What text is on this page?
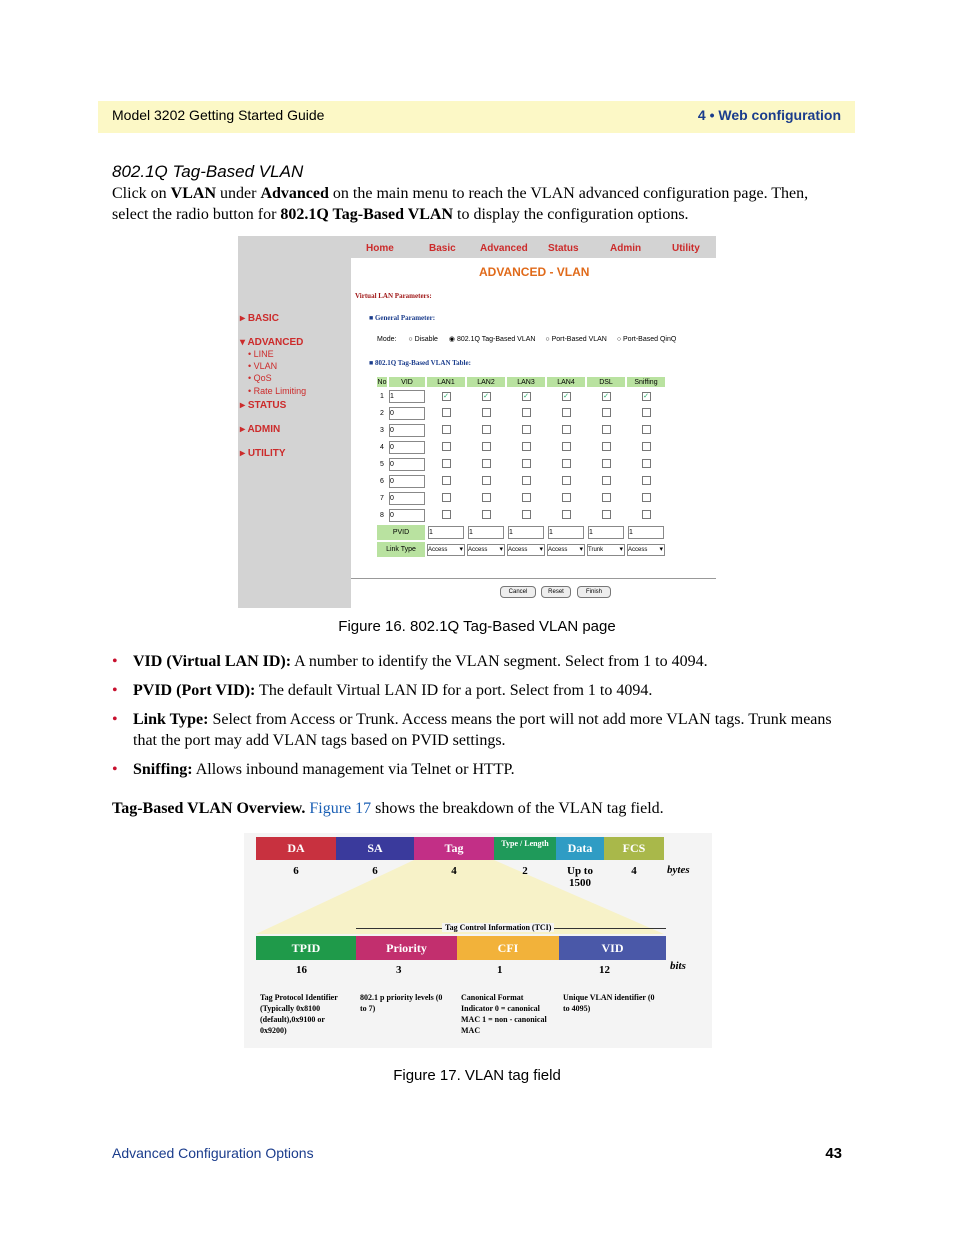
Model 3202 Getting Started Guide	4 • Web configuration
802.1Q Tag-Based VLAN
Click on VLAN under Advanced on the main menu to reach the VLAN advanced configuration page. Then, select the radio button for 802.1Q Tag-Based VLAN to display the configuration options.
▸ BASIC
▾ ADVANCED
• LINE
• VLAN
• QoS
• Rate Limiting
▸ STATUS
▸ ADMIN
▸ UTILITY
Home	Basic Advanced Status	Admin	Utility
ADVANCED - VLAN
Virtual LAN Parameters:
■ General Parameter:
Mode: ○ Disable ◉ 802.1Q Tag-Based VLAN ○ Port-Based VLAN ○ Port-Based QinQ
■ 802.1Q Tag-Based VLAN Table:
No	VID	LAN1	LAN2	LAN3	LAN4	DSL	Sniffing
1	1	✓	✓	✓	✓	✓	✓
2	0						
3	0						
4	0						
5	0						
6	0						
7	0						
8	0						
PVID		1	1	1	1	1	1
Link Type		Access ▾	Access ▾	Access ▾	Access ▾	Trunk ▾	Access ▾
Cancel	Reset	Finish
Figure 16. 802.1Q Tag-Based VLAN page
• VID (Virtual LAN ID): A number to identify the VLAN segment. Select from 1 to 4094.
• PVID (Port VID): The default Virtual LAN ID for a port. Select from 1 to 4094.
• Link Type: Select from Access or Trunk. Access means the port will not add more VLAN tags. Trunk means that the port may add VLAN tags based on PVID settings.
• Sniffing: Allows inbound management via Telnet or HTTP.
Tag-Based VLAN Overview. Figure 17 shows the breakdown of the VLAN tag field.
Tag Control Information (TCI)
bytes
bits
DA
6
SA
6
Tag
4
Type / Length
2
Data
Up to 1500
FCS
4
TPID
16
Tag Protocol Identifier (Typically 0x8100 (default),0x9100 or 0x9200)
Priority
3
802.1 p priority levels (0 to 7)
CFI
1
Canonical Format Indicator 0 = canonical MAC 1 = non - canonical MAC
VID
12
Unique VLAN identifier (0 to 4095)
Figure 17. VLAN tag field
Advanced Configuration Options	43
